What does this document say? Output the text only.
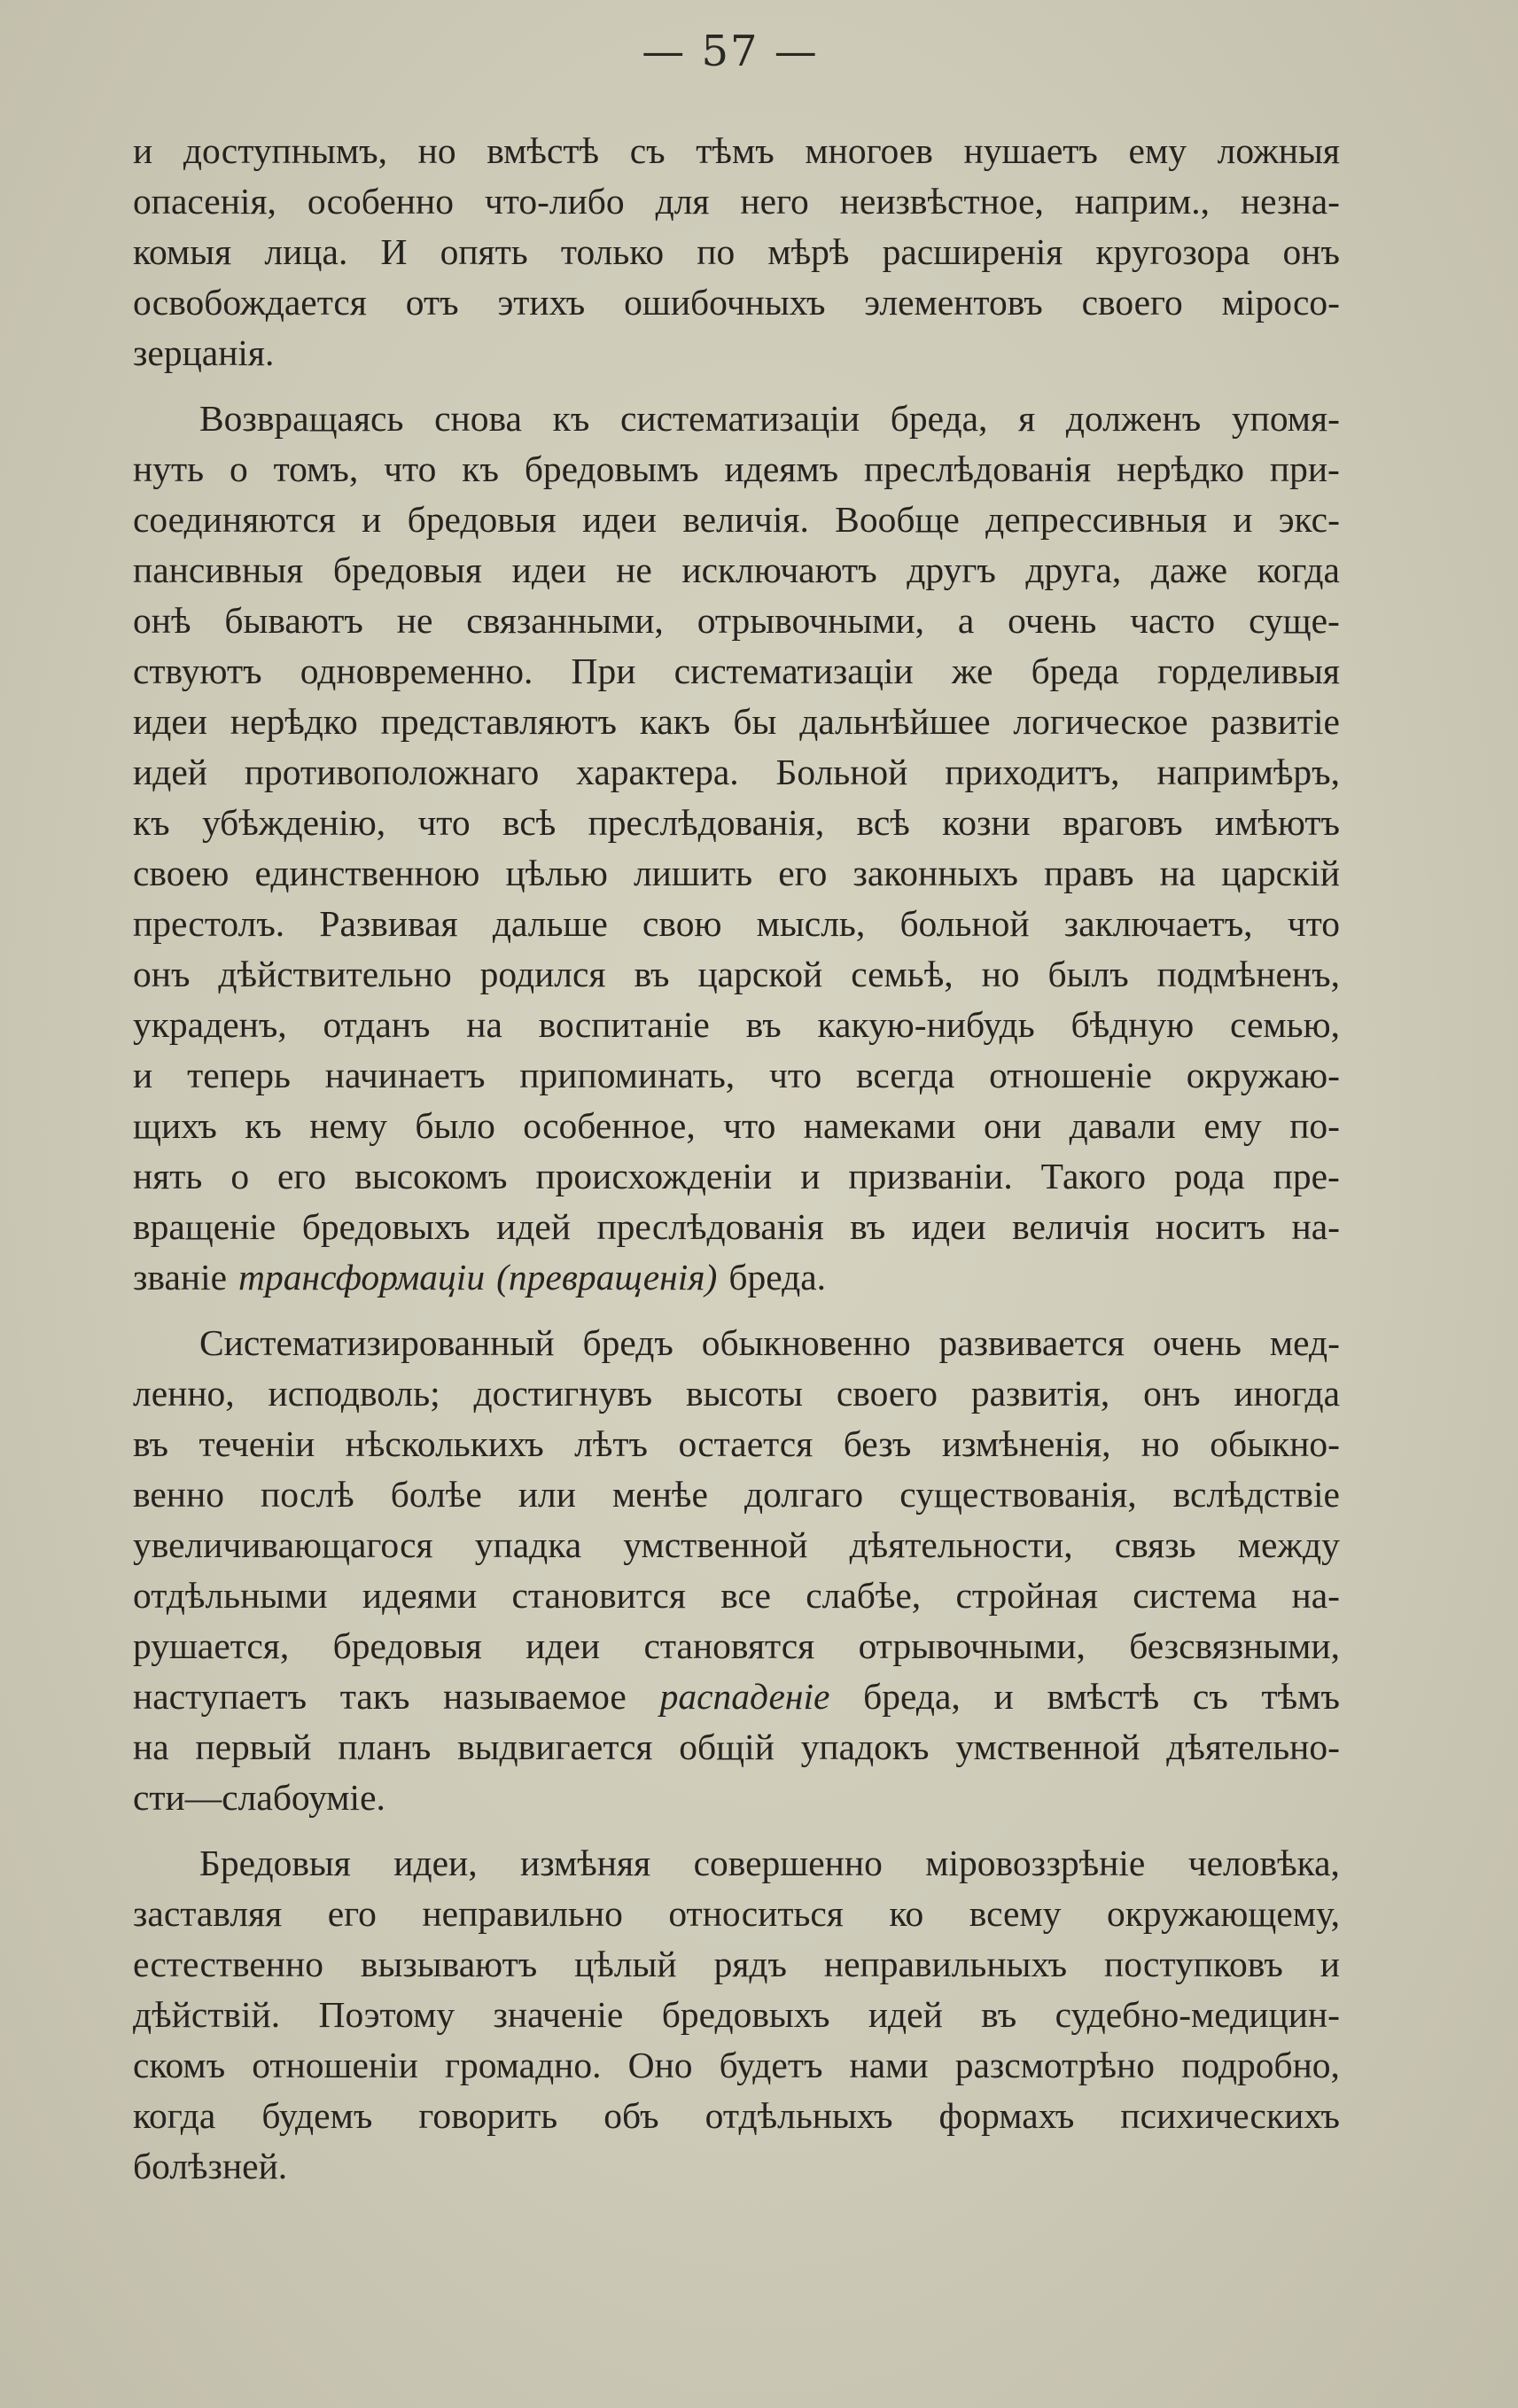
— 57 —
и доступнымъ, но вмѣстѣ съ тѣмъ многоев нушаетъ ему ложныя
опасенія, особенно что-либо для него неизвѣстное, наприм., незна-
комыя лица. И опять только по мѣрѣ расширенія кругозора онъ
освобождается отъ этихъ ошибочныхъ элементовъ своего міросо-
зерцанія.
Возвращаясь снова къ систематизаціи бреда, я долженъ упомя-
нуть о томъ, что къ бредовымъ идеямъ преслѣдованія нерѣдко при-
соединяются и бредовыя идеи величія. Вообще депрессивныя и экс-
пансивныя бредовыя идеи не исключаютъ другъ друга, даже когда
онѣ бываютъ не связанными, отрывочными, а очень часто суще-
ствуютъ одновременно. При систематизаціи же бреда горделивыя
идеи нерѣдко представляютъ какъ бы дальнѣйшее логическое развитіе
идей противоположнаго характера. Больной приходитъ, напримѣръ,
къ убѣжденію, что всѣ преслѣдованія, всѣ козни враговъ имѣютъ
своею единственною цѣлью лишить его законныхъ правъ на царскій
престолъ. Развивая дальше свою мысль, больной заключаетъ, что
онъ дѣйствительно родился въ царской семьѣ, но былъ подмѣненъ,
украденъ, отданъ на воспитаніе въ какую-нибудь бѣдную семью,
и теперь начинаетъ припоминать, что всегда отношеніе окружаю-
щихъ къ нему было особенное, что намеками они давали ему по-
нять о его высокомъ происхожденіи и призваніи. Такого рода пре-
вращеніе бредовыхъ идей преслѣдованія въ идеи величія носитъ на-
званіе трансформаціи (превращенія) бреда.
Систематизированный бредъ обыкновенно развивается очень мед-
ленно, исподволь; достигнувъ высоты своего развитія, онъ иногда
въ теченіи нѣсколькихъ лѣтъ остается безъ измѣненія, но обыкно-
венно послѣ болѣе или менѣе долгаго существованія, вслѣдствіе
увеличивающагося упадка умственной дѣятельности, связь между
отдѣльными идеями становится все слабѣе, стройная система на-
рушается, бредовыя идеи становятся отрывочными, безсвязными,
наступаетъ такъ называемое распаденіе бреда, и вмѣстѣ съ тѣмъ
на первый планъ выдвигается общій упадокъ умственной дѣятельно-
сти—слабоуміе.
Бредовыя идеи, измѣняя совершенно міровоззрѣніе человѣка,
заставляя его неправильно относиться ко всему окружающему,
естественно вызываютъ цѣлый рядъ неправильныхъ поступковъ и
дѣйствій. Поэтому значеніе бредовыхъ идей въ судебно-медицин-
скомъ отношеніи громадно. Оно будетъ нами разсмотрѣно подробно,
когда будемъ говорить объ отдѣльныхъ формахъ психическихъ
болѣзней.
